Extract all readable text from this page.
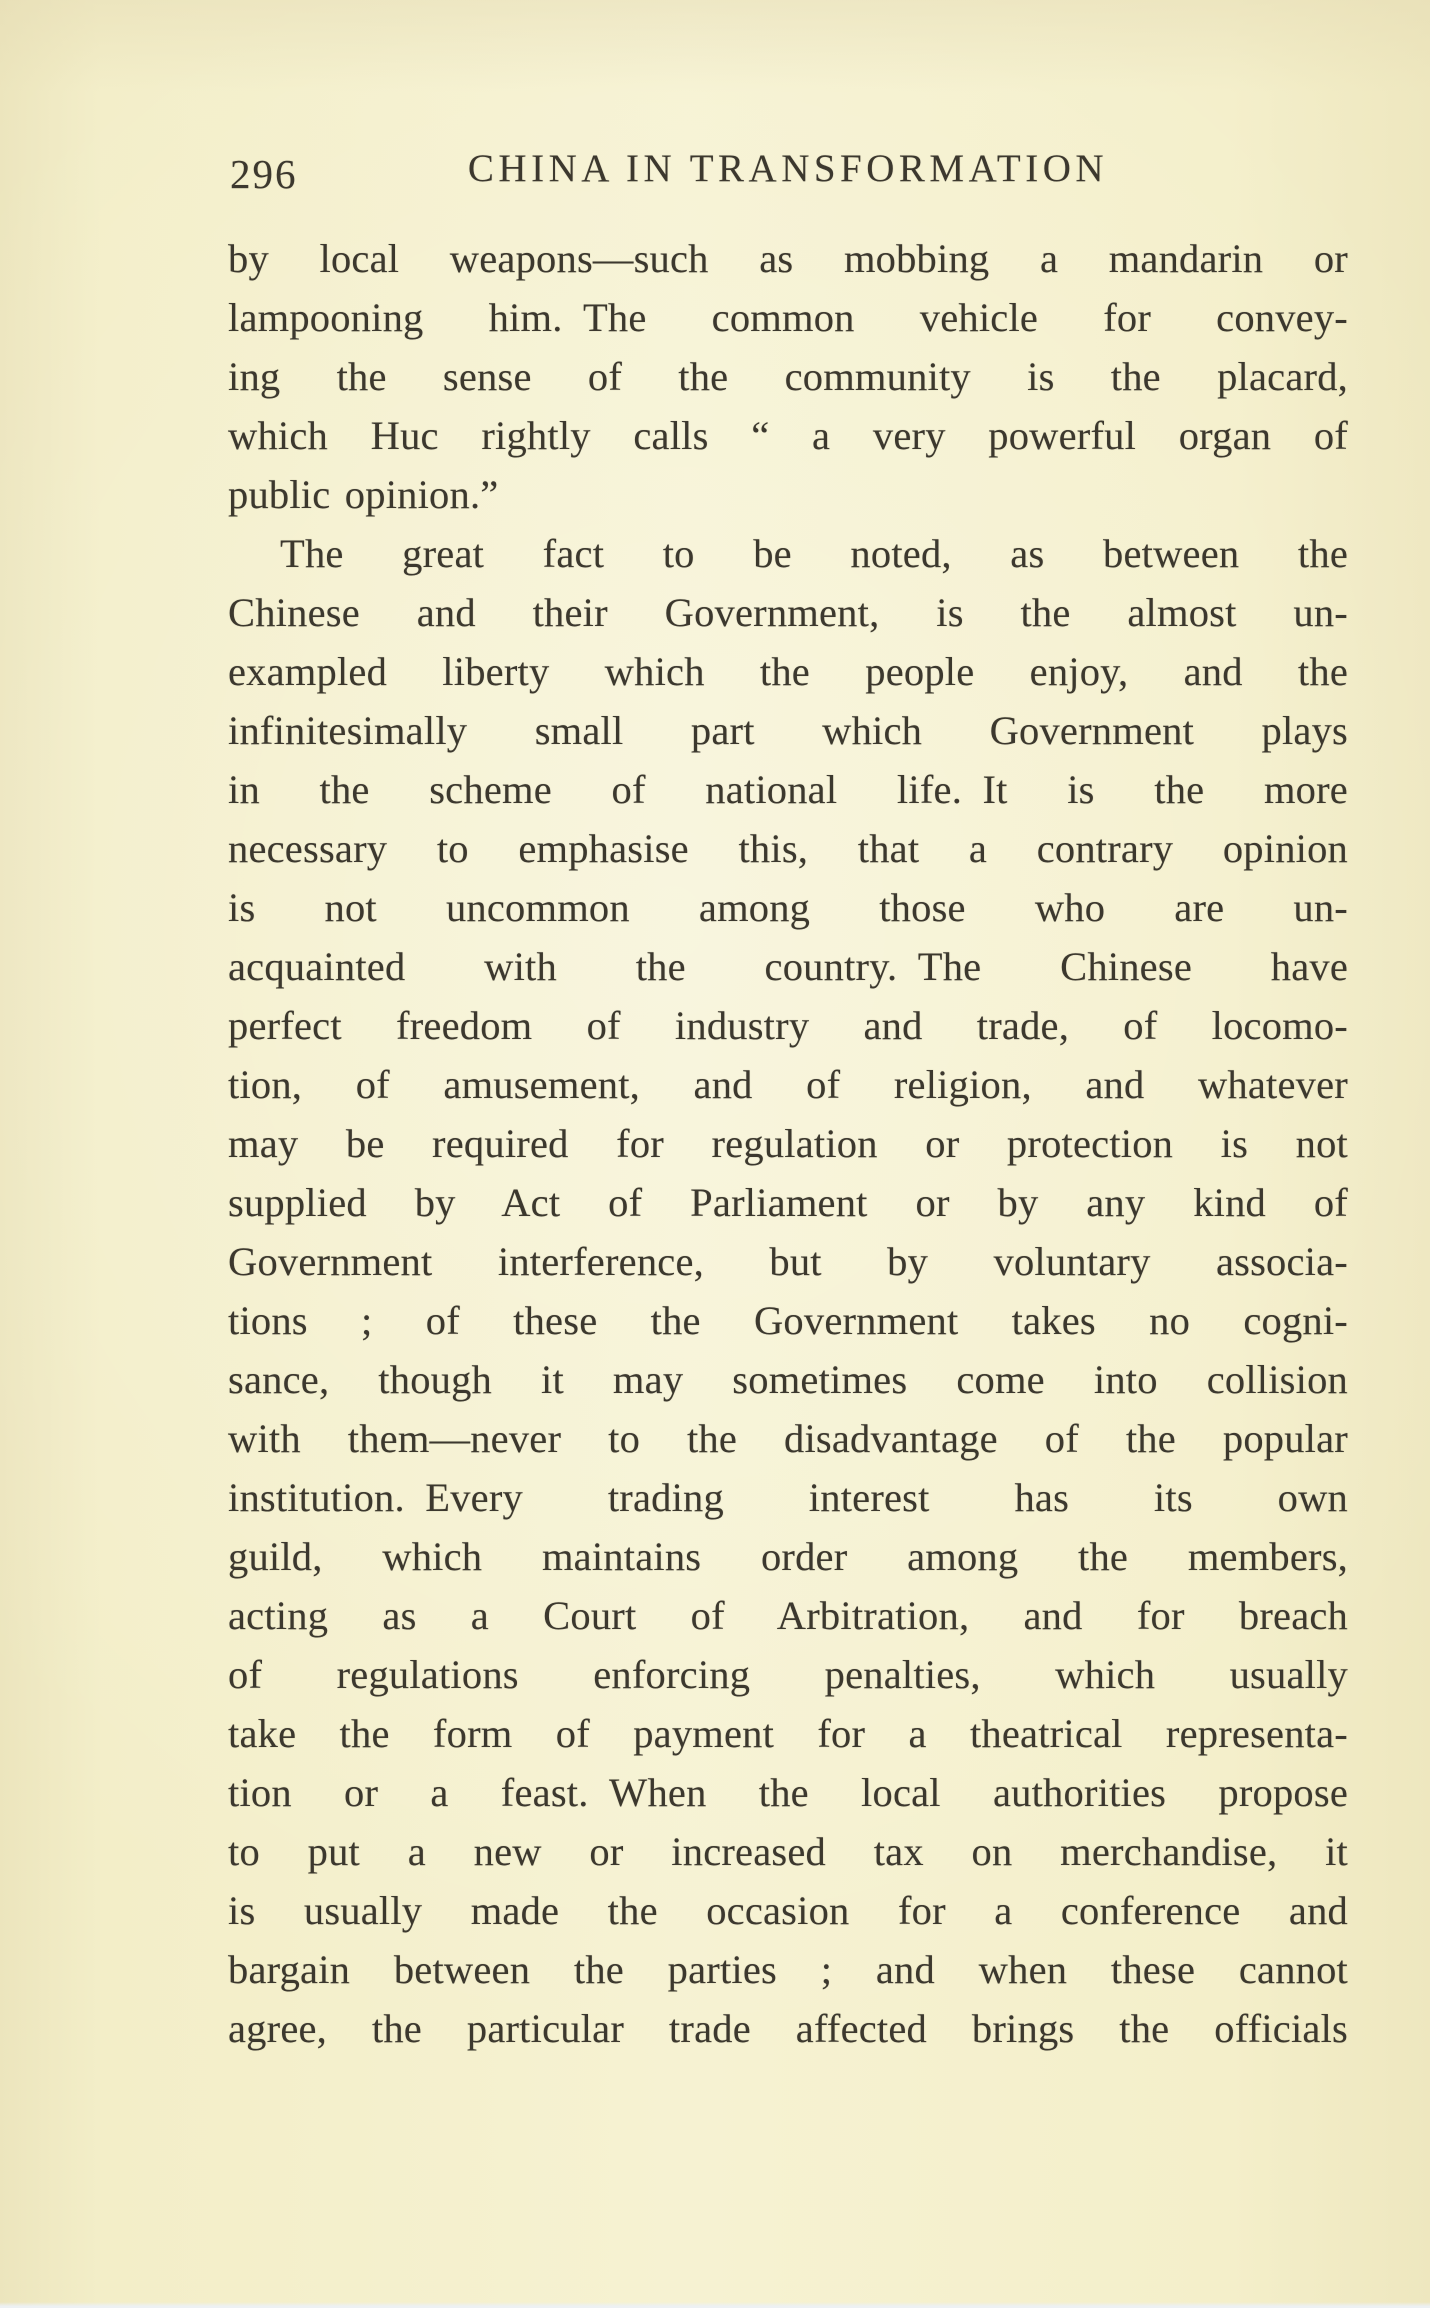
296	CHINA IN TRANSFORMATION
by local weapons—such as mobbing a mandarin or
lampooning him. The common vehicle for convey-
ing the sense of the community is the placard,
which Huc rightly calls “ a very powerful organ of
public opinion.”
The great fact to be noted, as between the
Chinese and their Government, is the almost un-
exampled liberty which the people enjoy, and the
infinitesimally small part which Government plays
in the scheme of national life. It is the more
necessary to emphasise this, that a contrary opinion
is not uncommon among those who are un-
acquainted with the country. The Chinese have
perfect freedom of industry and trade, of locomo-
tion, of amusement, and of religion, and whatever
may be required for regulation or protection is not
supplied by Act of Parliament or by any kind of
Government interference, but by voluntary associa-
tions ; of these the Government takes no cogni-
sance, though it may sometimes come into collision
with them—never to the disadvantage of the popular
institution. Every trading interest has its own
guild, which maintains order among the members,
acting as a Court of Arbitration, and for breach
of regulations enforcing penalties, which usually
take the form of payment for a theatrical representa-
tion or a feast. When the local authorities propose
to put a new or increased tax on merchandise, it
is usually made the occasion for a conference and
bargain between the parties ; and when these cannot
agree, the particular trade affected brings the officials
